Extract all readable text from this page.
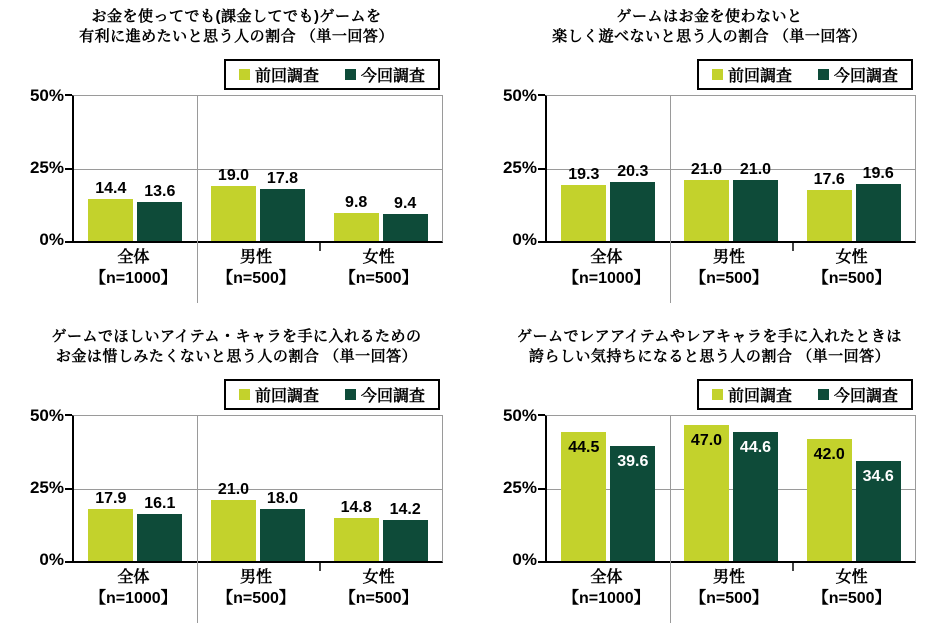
お金を使ってでも(課金してでも)ゲームを
有利に進めたいと思う人の割合 （単一回答）
前回調査	今回調査
50%
25%
0%
14.4 13.6
19.0 17.8
9.8 9.4
全体
【n=1000】
男性
【n=500】
女性
【n=500】
ゲームはお金を使わないと
楽しく遊べないと思う人の割合 （単一回答）
前回調査	今回調査
50%
25%
0%
19.3 20.3	21.0 21.0
17.6 19.6
全体
【n=1000】
男性
【n=500】
女性
【n=500】
ゲームでほしいアイテム・キャラを手に入れるための
お金は惜しみたくないと思う人の割合 （単一回答）
前回調査	今回調査
50%
25%
0%
17.9 16.1
21.0
18.0
14.8 14.2
全体
【n=1000】
男性
【n=500】
女性
【n=500】
ゲームでレアアイテムやレアキャラを手に入れたときは
誇らしい気持ちになると思う人の割合 （単一回答）
前回調査	今回調査
50%
25%
0%
44.5
39.6
47.0 44.6	42.0
34.6
全体
【n=1000】
男性
【n=500】
女性
【n=500】
